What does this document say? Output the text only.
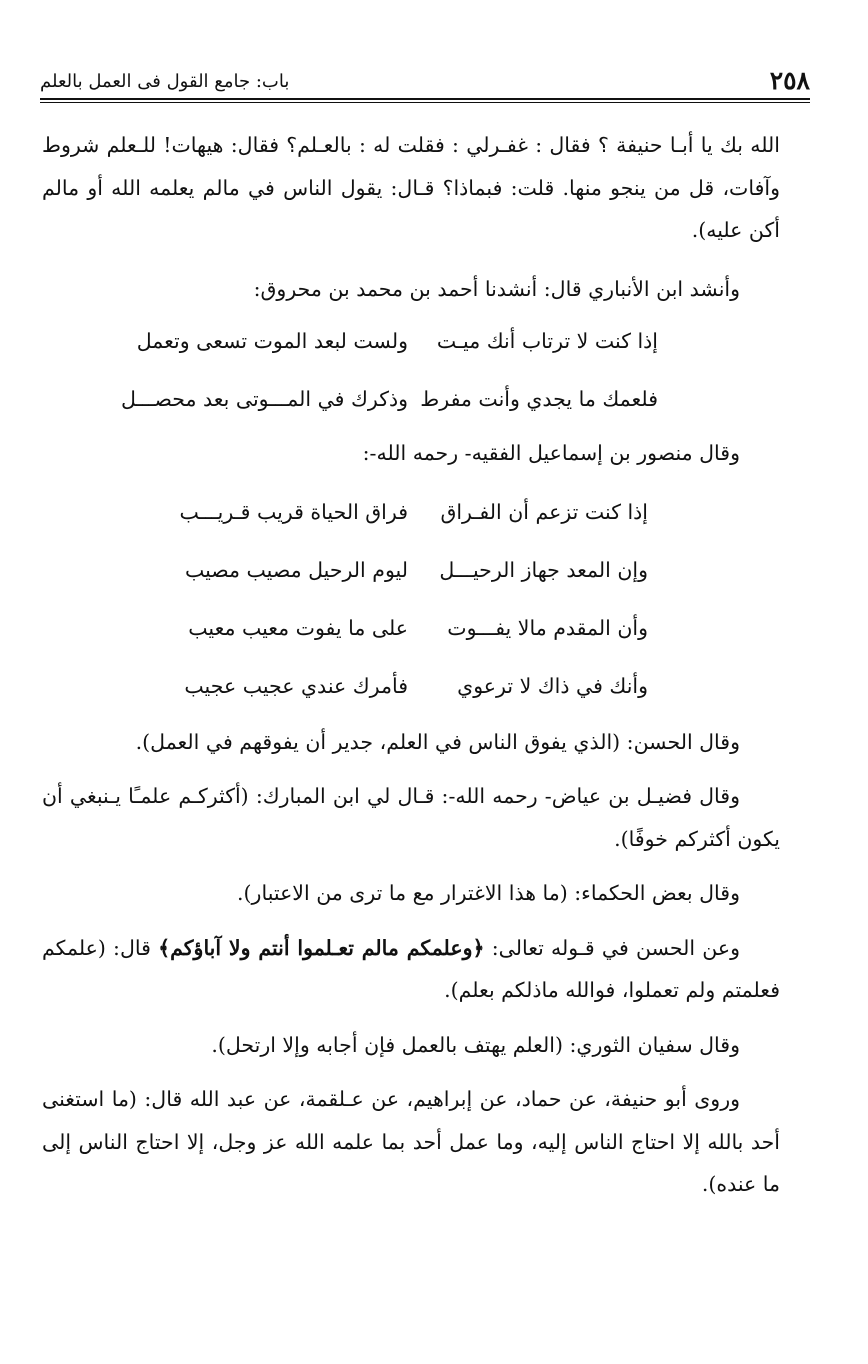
٢٥٨
باب: جامع القول فى العمل بالعلم

الله بك يا أبـا حنيفة ؟ فقال : غفـرلي : فقلت له : بالعـلم؟ فقال: هيهات! للـعلم شروط وآفات، قل من ينجو منها. قلت: فبماذا؟ قـال: يقول الناس في مالم يعلمه الله أو مالم أكن عليه).

وأنشد ابن الأنباري قال: أنشدنا أحمد بن محمد بن محروق:

إذا كنت لا ترتاب أنك ميـت
ولست لبعد الموت تسعى وتعمل
فلعمك ما يجدي وأنت مفرط
وذكرك في المـــوتى بعد محصـــل

وقال منصور بن إسماعيل الفقيه- رحمه الله-:

إذا كنت تزعم أن الفـراق
فراق الحياة قريب قـريـــب
وإن المعد جهاز الرحيـــل
ليوم الرحيل مصيب مصيب
وأن المقدم مالا يفـــوت
على ما يفوت معيب معيب
وأنك في ذاك لا ترعوي
فأمرك عندي عجيب عجيب

وقال الحسن: (الذي يفوق الناس في العلم، جدير أن يفوقهم في العمل).

وقال فضيـل بن عياض- رحمه الله-: قـال لي ابن المبارك: (أكثركـم علمـًا يـنبغي أن يكون أكثركم خوفًا).

وقال بعض الحكماء: (ما هذا الاغترار مع ما ترى من الاعتبار).

وعن الحسن في قـوله تعالى: ﴿وعلمكم مالم تعـلموا أنتم ولا آباؤكم﴾ قال: (علمكم فعلمتم ولم تعملوا، فوالله ماذلكم بعلم).

وقال سفيان الثوري: (العلم يهتف بالعمل فإن أجابه وإلا ارتحل).

وروى أبو حنيفة، عن حماد، عن إبراهيم، عن عـلقمة، عن عبد الله قال: (ما استغنى أحد بالله إلا احتاج الناس إليه، وما عمل أحد بما علمه الله عز وجل، إلا احتاج الناس إلى ما عنده).
